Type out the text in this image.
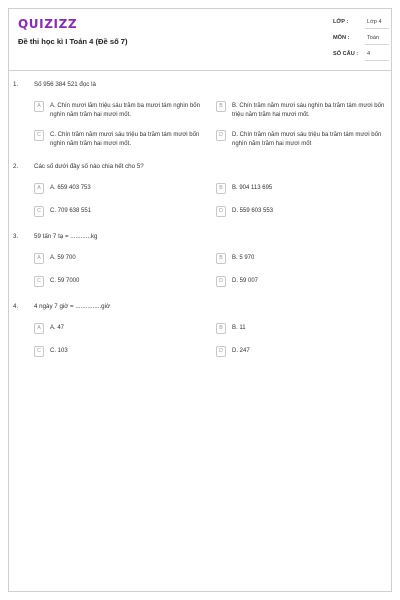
QUIZIZZ
Đề thi học kì I Toán 4 (Đề số 7)
LỚP :	Lớp 4
MÔN :	Toán
SỐ CÂU :	4
1.	Số 956 384 521 đọc là
A	A. Chín mươi lăm triệu sáu trăm ba mươi tám nghìn bốn nghìn năm trăm hai mươi mốt.
B	B. Chín trăm năm mươi sáu nghìn ba trăm tám mươi bốn triệu năm trăm hai mươi mốt.
C	C. Chín trăm năm mươi sáu triệu ba trăm tám mươi bốn nghìn năm trăm hai mươi mốt.
D	D. Chín trăm năm mươi sáu triệu ba trăm tám mươi bốn nghìn năm trăm hai mươi mốt
2.	Các số dưới đây số nào chia hết cho 5?
A	A. 659 403 753	B	B. 904 113 695
C	C. 709 638 551	D	D. 559 603 553
3.	59 tấn 7 tạ = ............kg
A	A. 59 700	B	B. 5 970
C	C. 59 7000	D	D. 59 007
4.	4 ngày 7 giờ = ...............giờ
A	A. 47	B	B. 11
C	C. 103	D	D. 247
